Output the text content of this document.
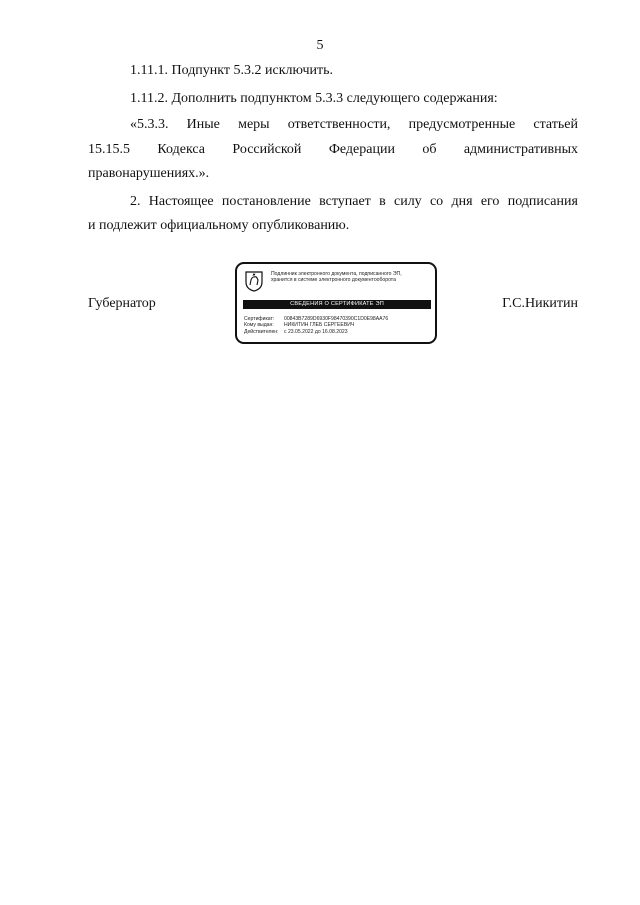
5
1.11.1. Подпункт 5.3.2 исключить.
1.11.2. Дополнить подпунктом 5.3.3 следующего содержания:
«5.3.3. Иные меры ответственности, предусмотренные статьей
15.15.5 Кодекса Российской Федерации об административных
правонарушениях.».
2. Настоящее постановление вступает в силу со дня его подписания
и подлежит официальному опубликованию.
Губернатор	Г.С.Никитин
Подлинник электронного документа, подписанного ЭП,
хранится в системе электронного документооборота
СВЕДЕНИЯ О СЕРТИФИКАТЕ ЭП
Сертификат: 00843B7289D6930F98470390C1D0E98AA76
Кому выдан: НИКИТИН ГЛЕБ СЕРГЕЕВИЧ
Действителен: с 23.05.2022 до 16.08.2023
